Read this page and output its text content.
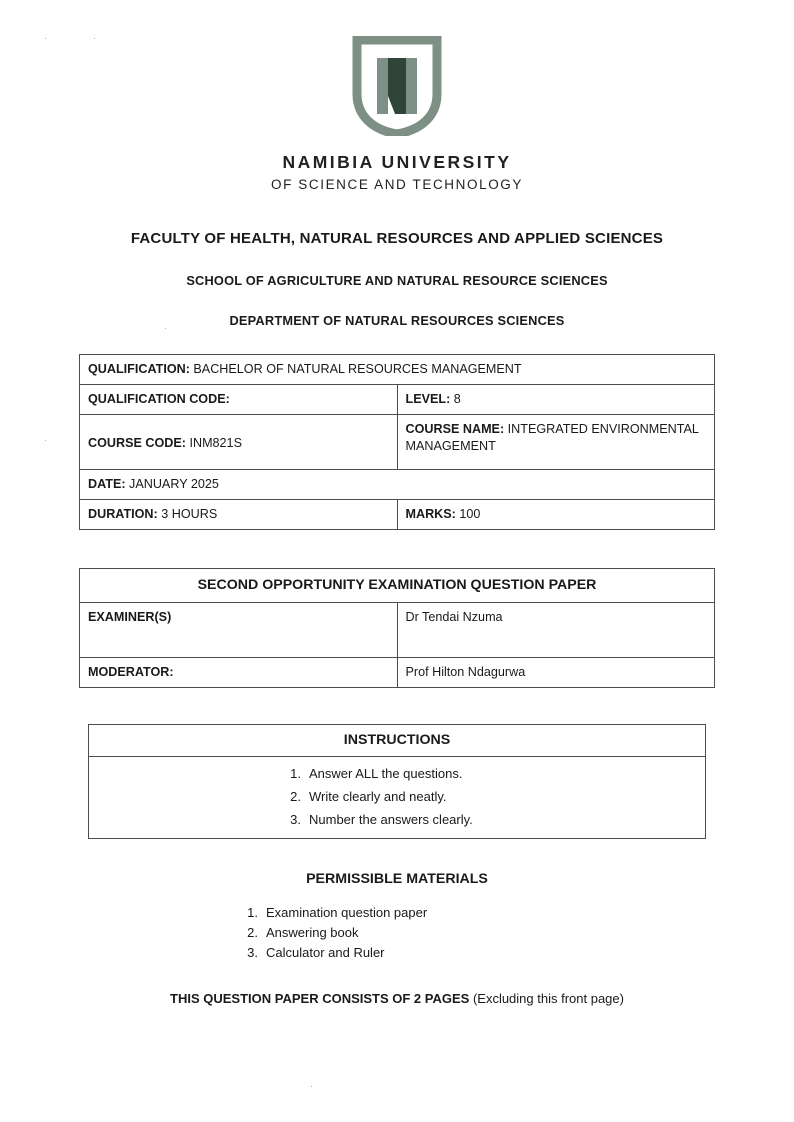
.	.
.
.
.
NAMIBIA UNIVERSITY
OF SCIENCE AND TECHNOLOGY
FACULTY OF HEALTH, NATURAL RESOURCES AND APPLIED SCIENCES
SCHOOL OF AGRICULTURE AND NATURAL RESOURCE SCIENCES
DEPARTMENT OF NATURAL RESOURCES SCIENCES
QUALIFICATION: BACHELOR OF NATURAL RESOURCES MANAGEMENT	
QUALIFICATION CODE:	LEVEL: 8

COURSE CODE: INM821S	COURSE NAME: INTEGRATED ENVIRONMENTAL MANAGEMENT
DATE: JANUARY 2025	
DURATION: 3 HOURS	MARKS: 100
SECOND OPPORTUNITY EXAMINATION QUESTION PAPER	
EXAMINER(S)	Dr Tendai Nzuma
MODERATOR:	Prof Hilton Ndagurwa
INSTRUCTIONS

1. Answer ALL the questions.
2. Write clearly and neatly.
3. Number the answers clearly.
PERMISSIBLE MATERIALS
1. Examination question paper
2. Answering book
3. Calculator and Ruler
THIS QUESTION PAPER CONSISTS OF 2 PAGES (Excluding this front page)
